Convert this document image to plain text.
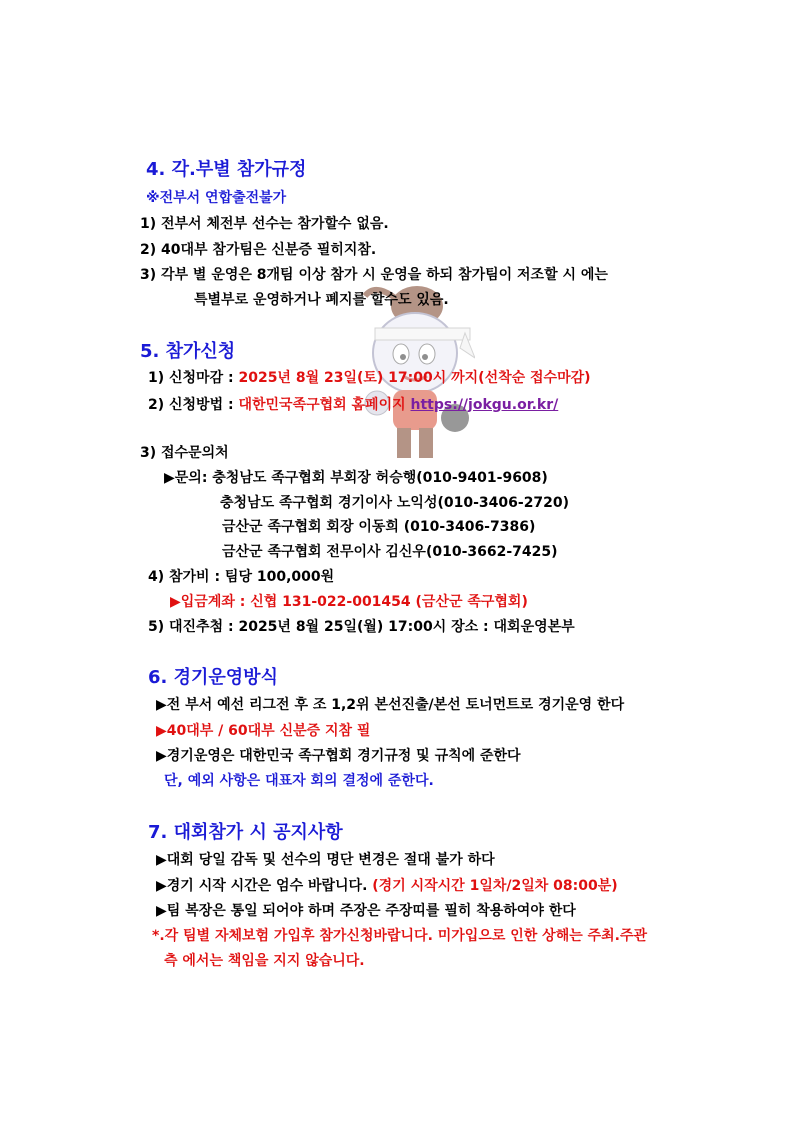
4. 각.부별 참가규정
※전부서 연합출전불가
1) 전부서 체전부 선수는 참가할수 없음.
2) 40대부 참가팀은 신분증 필히지참.
3) 각부 별 운영은 8개팀 이상 참가 시 운영을 하되 참가팀이 저조할 시 에는
특별부로 운영하거나 폐지를 할수도 있음.
5. 참가신청
1) 신청마감 : 2025년 8월 23일(토) 17:00시 까지(선착순 접수마감)
2) 신청방법 : 대한민국족구협회 홈페이지 https://jokgu.or.kr/
3) 접수문의처
▶문의: 충청남도 족구협회 부회장 허승행(010-9401-9608)
충청남도 족구협회 경기이사 노익성(010-3406-2720)
금산군 족구협회 회장 이동희 (010-3406-7386)
금산군 족구협회 전무이사 김신우(010-3662-7425)
4) 참가비 : 팀당 100,000원
▶입금계좌 : 신협 131-022-001454 (금산군 족구협회)
5) 대진추첨 : 2025년 8월 25일(월) 17:00시 장소 : 대회운영본부
6. 경기운영방식
▶전 부서 예선 리그전 후 조 1,2위 본선진출/본선 토너먼트로 경기운영 한다
▶40대부 / 60대부 신분증 지참 필
▶경기운영은 대한민국 족구협회 경기규정 및 규칙에 준한다
단, 예외 사항은 대표자 회의 결정에 준한다.
7. 대회참가 시 공지사항
▶대회 당일 감독 및 선수의 명단 변경은 절대 불가 하다
▶경기 시작 시간은 엄수 바랍니다. (경기 시작시간 1일차/2일차 08:00분)
▶팀 복장은 통일 되어야 하며 주장은 주장띠를 필히 착용하여야 한다
*.각 팀별 자체보험 가입후 참가신청바랍니다. 미가입으로 인한 상해는 주최.주관
측 에서는 책임을 지지 않습니다.
